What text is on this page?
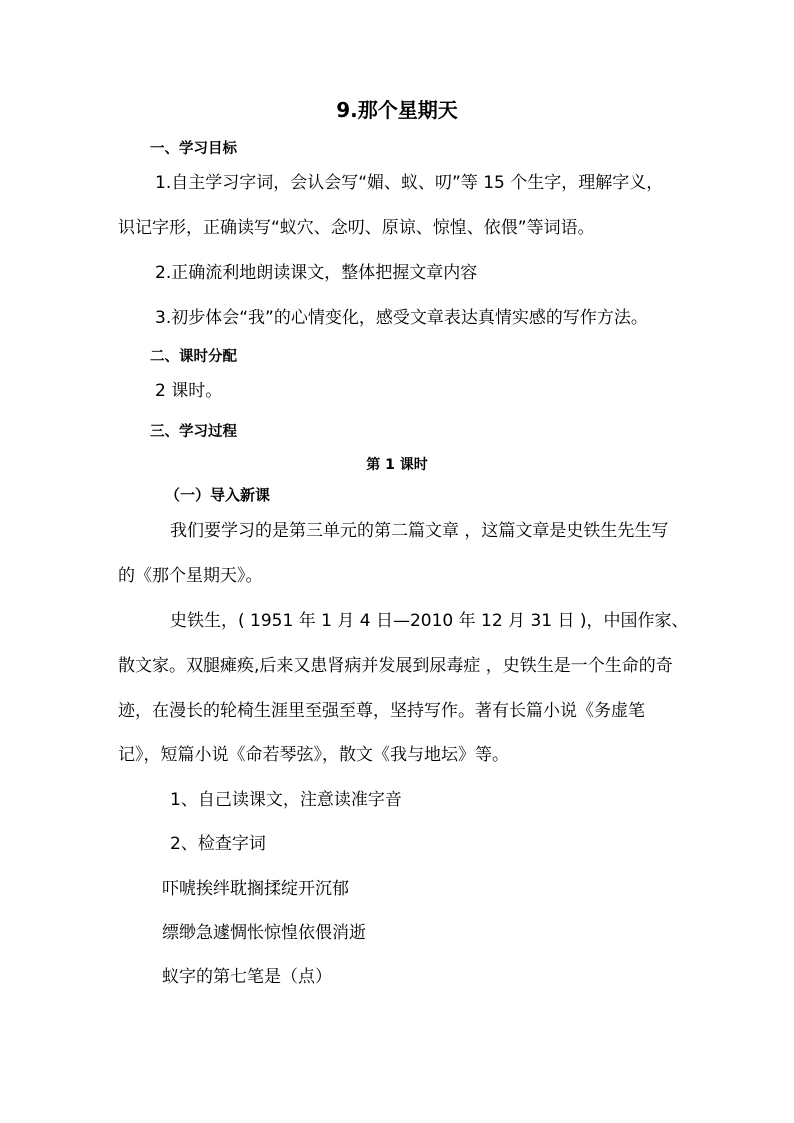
9.那个星期天
一、学习目标
1.自主学习字词，会认会写“媚、蚁、叨”等 15 个生字，理解字义，
识记字形，正确读写“蚁穴、念叨、原谅、惊惶、依偎”等词语。
2.正确流利地朗读课文，整体把握文章内容
3.初步体会“我”的心情变化，感受文章表达真情实感的写作方法。
二、课时分配
2 课时。
三、学习过程
第 1 课时
（一）导入新课
我们要学习的是第三单元的第二篇文章 ，这篇文章是史铁生先生写
的《那个星期天》。
史铁生，( 1951 年 1 月 4 日—2010 年 12 月 31 日 )，中国作家、
散文家。双腿瘫痪,后来又患肾病并发展到尿毒症 ，史铁生是一个生命的奇
迹，在漫长的轮椅生涯里至强至尊，坚持写作。著有长篇小说《务虚笔
记》，短篇小说《命若琴弦》，散文《我与地坛》等。
1、自己读课文，注意读准字音
2、检查字词
吓唬挨绊耽搁揉绽开沉郁
缥缈急遽惆怅惊惶依偎消逝
蚁字的第七笔是（点）
